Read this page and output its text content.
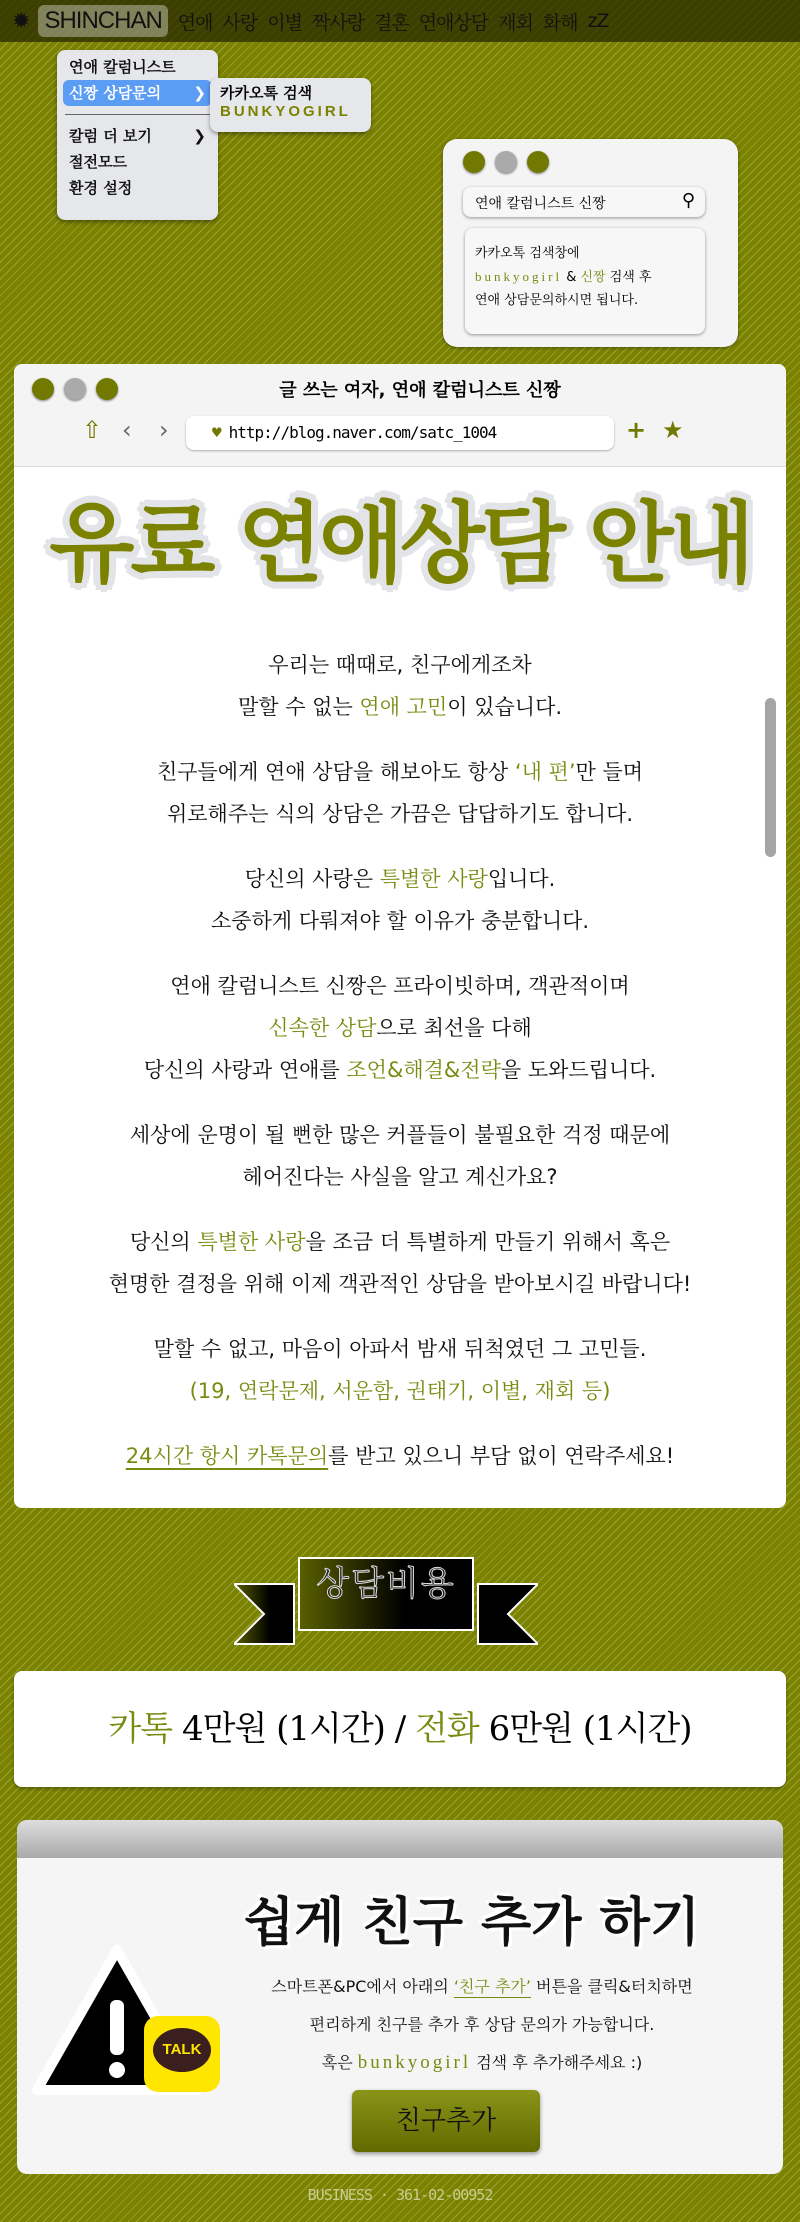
✹ SHINCHAN 연애 사랑 이별 짝사랑 결혼 연애상담 재회 화해 zZ
연애 칼럼니스트
신짱 상담문의 ❯
칼럼 더 보기	❯
절전모드
환경 설정
카카오톡 검색
BUNKYOGIRL
연애 칼럼니스트 신짱	⚲
카카오톡 검색창에
bunkyogirl & 신짱 검색 후
연애 상담문의하시면 됩니다.
글 쓰는 여자, 연애 칼럼니스트 신짱
⇧ ‹ ›	♥ http://blog.naver.com/satc_1004	+ ★
유료 연애상담 안내
우리는 때때로, 친구에게조차
말할 수 없는 연애 고민이 있습니다.
친구들에게 연애 상담을 해보아도 항상 ‘내 편’만 들며
위로해주는 식의 상담은 가끔은 답답하기도 합니다.
당신의 사랑은 특별한 사랑입니다.
소중하게 다뤄져야 할 이유가 충분합니다.
연애 칼럼니스트 신짱은 프라이빗하며, 객관적이며
신속한 상담으로 최선을 다해
당신의 사랑과 연애를 조언&해결&전략을 도와드립니다.
세상에 운명이 될 뻔한 많은 커플들이 불필요한 걱정 때문에
헤어진다는 사실을 알고 계신가요?
당신의 특별한 사랑을 조금 더 특별하게 만들기 위해서 혹은
현명한 결정을 위해 이제 객관적인 상담을 받아보시길 바랍니다!
말할 수 없고, 마음이 아파서 밤새 뒤척였던 그 고민들.
(19, 연락문제, 서운함, 권태기, 이별, 재회 등)
24시간 항시 카톡문의를 받고 있으니 부담 없이 연락주세요!
상담비용
카톡 4만원 (1시간) / 전화 6만원 (1시간)
TALK
쉽게 친구 추가 하기
스마트폰&PC에서 아래의 ‘친구 추가’ 버튼을 클릭&터치하면
편리하게 친구를 추가 후 상담 문의가 가능합니다.
혹은 bunkyogirl 검색 후 추가해주세요 :)
친구추가
BUSINESS · 361-02-00952
